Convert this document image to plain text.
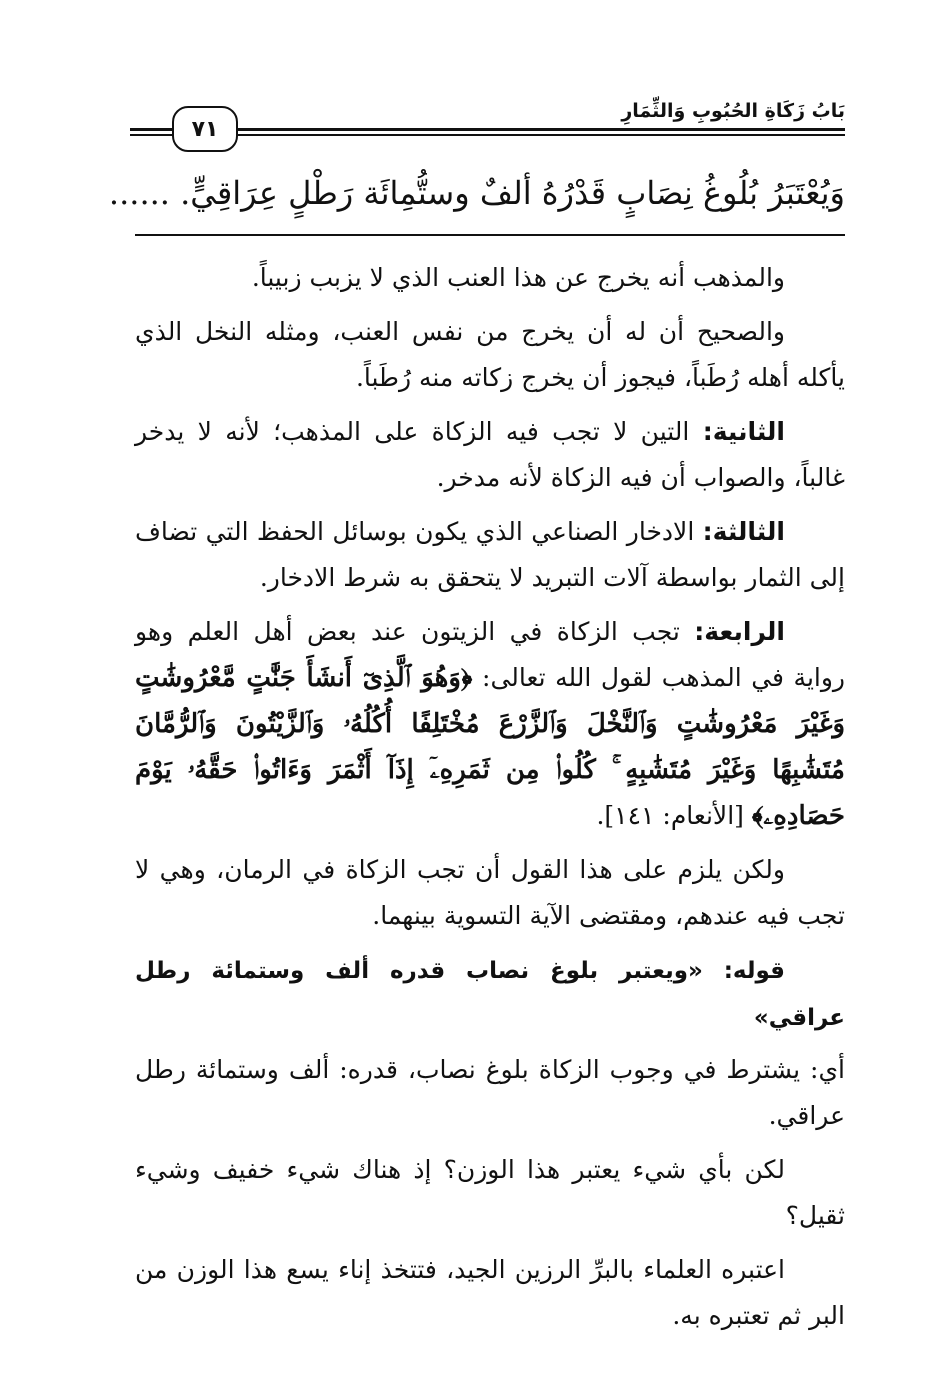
٧١
بَابُ زَكَاةِ الحُبُوبِ وَالثِّمَارِ
وَيُعْتَبَرُ بُلُوغُ نِصَابٍ قَدْرُهُ ألفٌ وستُّمِائَة رَطْلٍ عِرَاقِيٍّ. ......

والمذهب أنه يخرج عن هذا العنب الذي لا يزبب زبيباً.

والصحيح أن له أن يخرج من نفس العنب، ومثله النخل الذي يأكله أهله رُطَباً، فيجوز أن يخرج زكاته منه رُطَباً.

الثانية: التين لا تجب فيه الزكاة على المذهب؛ لأنه لا يدخر غالباً، والصواب أن فيه الزكاة لأنه مدخر.

الثالثة: الادخار الصناعي الذي يكون بوسائل الحفظ التي تضاف إلى الثمار بواسطة آلات التبريد لا يتحقق به شرط الادخار.

الرابعة: تجب الزكاة في الزيتون عند بعض أهل العلم وهو رواية في المذهب لقول الله تعالى: ﴿وَهُوَ ٱلَّذِىٓ أَنشَأَ جَنَّٰتٍ مَّعْرُوشَٰتٍ وَغَيْرَ مَعْرُوشَٰتٍ وَٱلنَّخْلَ وَٱلزَّرْعَ مُخْتَلِفًا أُكُلُهُۥ وَٱلزَّيْتُونَ وَٱلرُّمَّانَ مُتَشَٰبِهًا وَغَيْرَ مُتَشَٰبِهٍ ۚ كُلُوا۟ مِن ثَمَرِهِۦٓ إِذَآ أَثْمَرَ وَءَاتُوا۟ حَقَّهُۥ يَوْمَ حَصَادِهِۦ﴾ [الأنعام: ١٤١].

ولكن يلزم على هذا القول أن تجب الزكاة في الرمان، وهي لا تجب فيه عندهم، ومقتضى الآية التسوية بينهما.

قوله: «ويعتبر بلوغ نصاب قدره ألف وستمائة رطل عراقي»

أي: يشترط في وجوب الزكاة بلوغ نصاب، قدره: ألف وستمائة رطل عراقي.

لكن بأي شيء يعتبر هذا الوزن؟ إذ هناك شيء خفيف وشيء ثقيل؟

اعتبره العلماء بالبرِّ الرزين الجيد، فتتخذ إناء يسع هذا الوزن من البر ثم تعتبره به.
